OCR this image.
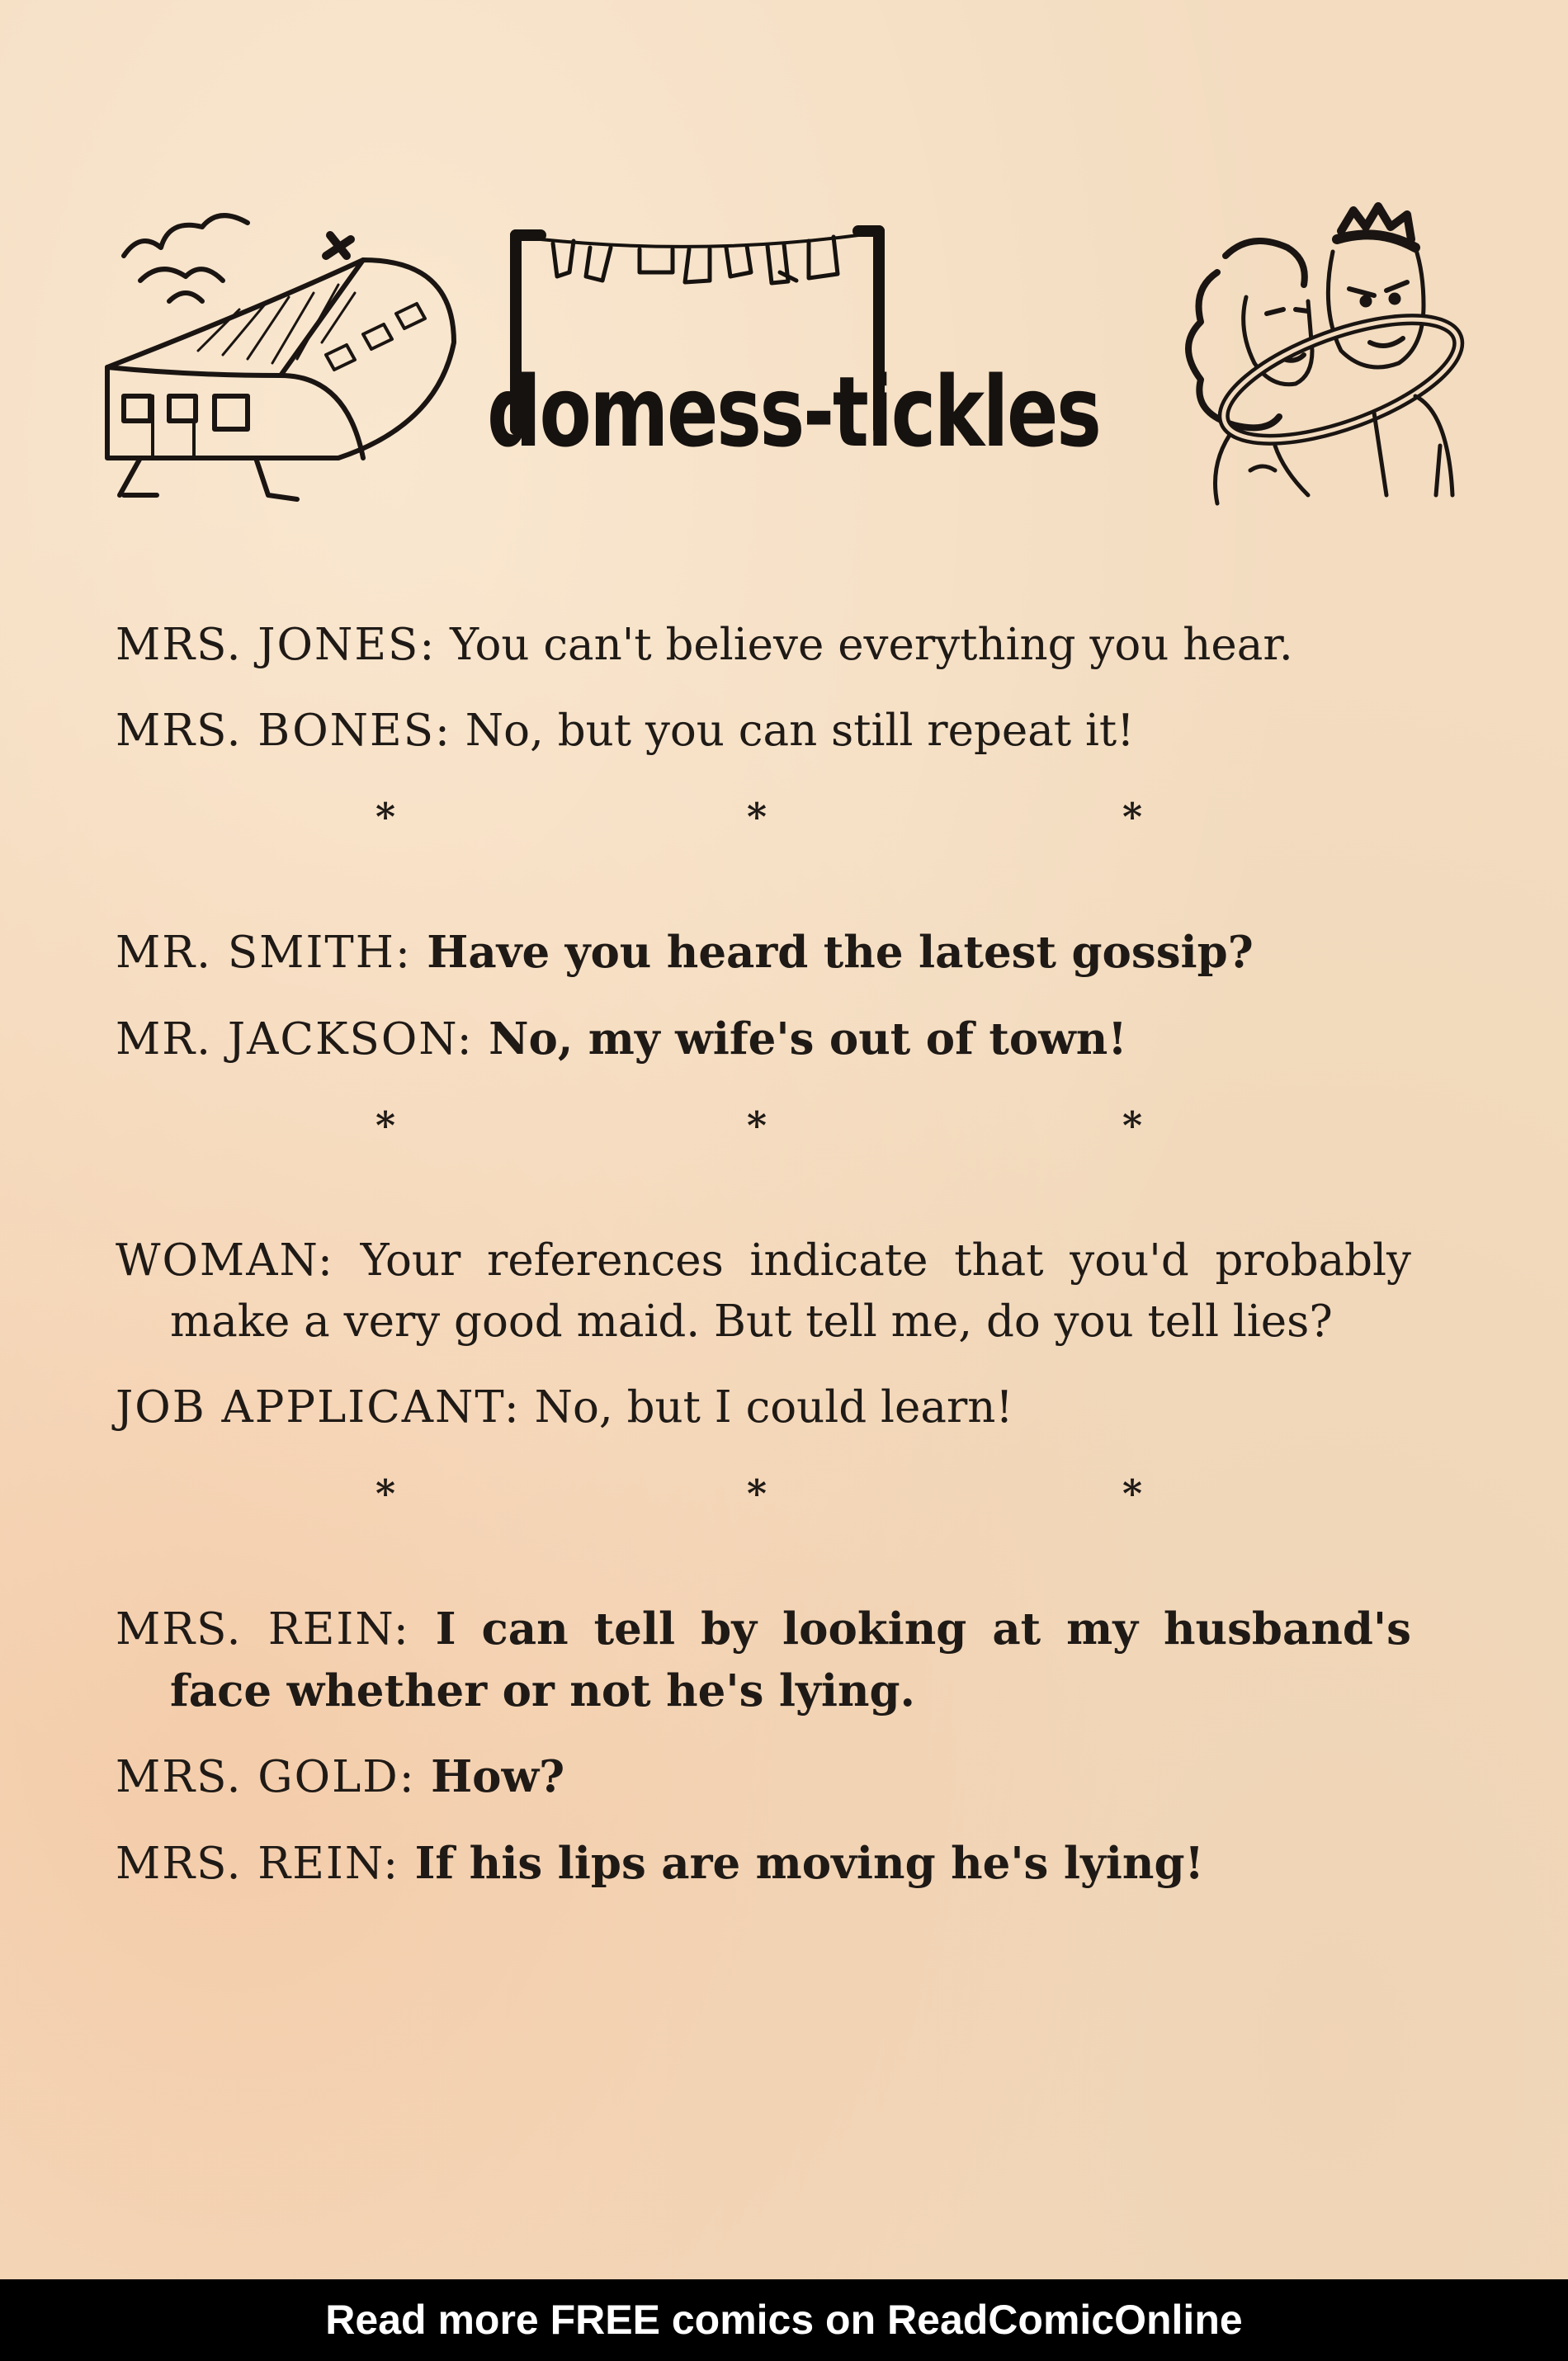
domess-tickles

MRS. JONES: You can't believe everything you hear.

MRS. BONES: No, but you can still repeat it!

*	*	*

MR. SMITH: Have you heard the latest gossip?

MR. JACKSON: No, my wife's out of town!

*	*	*

WOMAN: Your references indicate that you'd probably make a very good maid. But tell me, do you tell lies?

JOB APPLICANT: No, but I could learn!

*	*	*

MRS. REIN: I can tell by looking at my husband's face whether or not he's lying.

MRS. GOLD: How?

MRS. REIN: If his lips are moving he's lying!

Read more FREE comics on ReadComicOnline
